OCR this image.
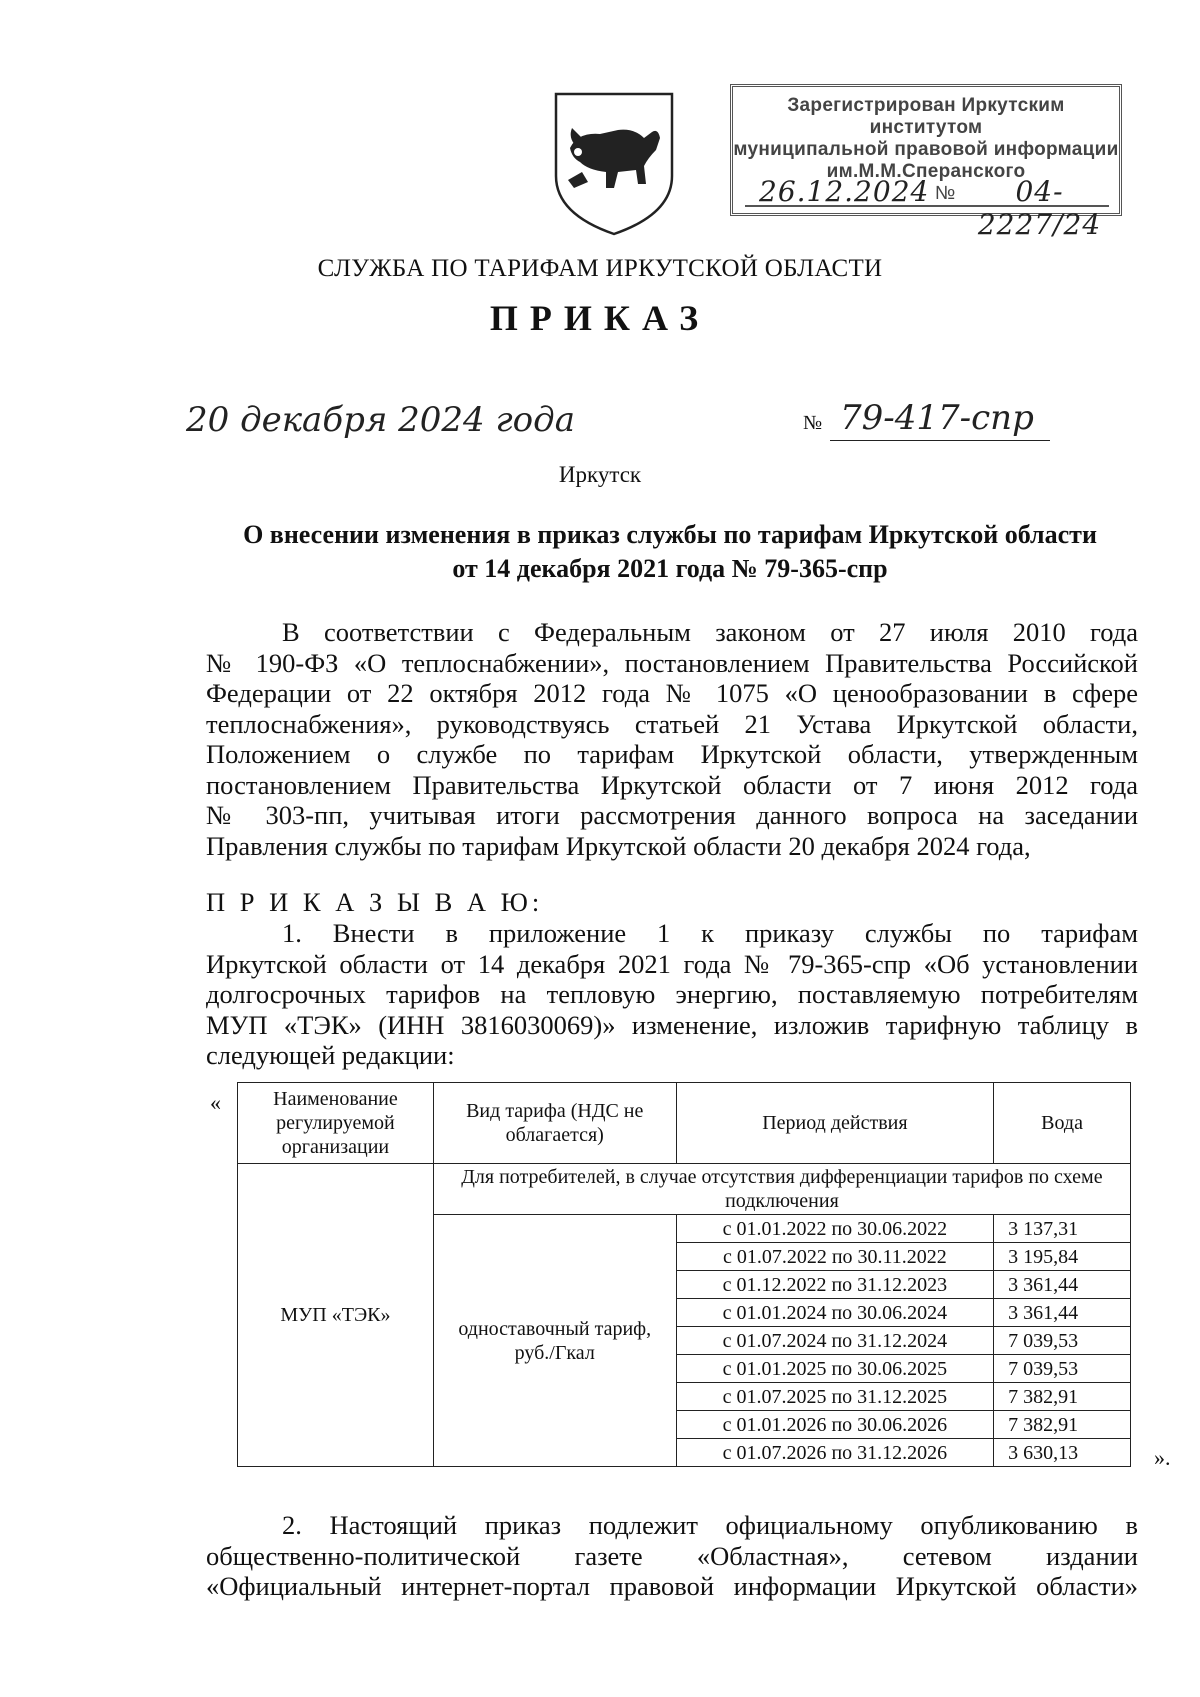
Зарегистрирован Иркутским институтом
муниципальной правовой информации
им.М.М.Сперанского
26.12.2024 №	04-2227/24
СЛУЖБА ПО ТАРИФАМ ИРКУТСКОЙ ОБЛАСТИ
ПРИКАЗ
20 декабря 2024 года	№ 79-417-спр
Иркутск
О внесении изменения в приказ службы по тарифам Иркутской области
от 14 декабря 2021 года № 79-365-спр
В соответствии с Федеральным законом от 27 июля 2010 года
№ 190-ФЗ «О теплоснабжении», постановлением Правительства Российской
Федерации от 22 октября 2012 года № 1075 «О ценообразовании в сфере
теплоснабжения», руководствуясь статьей 21 Устава Иркутской области,
Положением о службе по тарифам Иркутской области, утвержденным
постановлением Правительства Иркутской области от 7 июня 2012 года
№ 303-пп, учитывая итоги рассмотрения данного вопроса на заседании
Правления службы по тарифам Иркутской области 20 декабря 2024 года,
П Р И К А З Ы В А Ю:
1. Внести в приложение 1 к приказу службы по тарифам
Иркутской области от 14 декабря 2021 года № 79-365-спр «Об установлении
долгосрочных тарифов на тепловую энергию, поставляемую потребителям
МУП «ТЭК» (ИНН 3816030069)» изменение, изложив тарифную таблицу в
следующей редакции:
«	Наименование регулируемой организации	Вид тарифа (НДС не облагается)	Период действия	Вода
МУП «ТЭК»	Для потребителей, в случае отсутствия дифференциации тарифов по схеме подключения		
	одноставочный тариф, руб./Гкал	с 01.01.2022 по 30.06.2022	3 137,31
		с 01.07.2022 по 30.11.2022	3 195,84
		с 01.12.2022 по 31.12.2023	3 361,44
		с 01.01.2024 по 30.06.2024	3 361,44
		с 01.07.2024 по 31.12.2024	7 039,53
		с 01.01.2025 по 30.06.2025	7 039,53
		с 01.07.2025 по 31.12.2025	7 382,91
		с 01.01.2026 по 30.06.2026	7 382,91
		с 01.07.2026 по 31.12.2026	3 630,13	».
2. Настоящий приказ подлежит официальному опубликованию в
общественно-политической газете «Областная», сетевом издании
«Официальный интернет-портал правовой информации Иркутской области»
